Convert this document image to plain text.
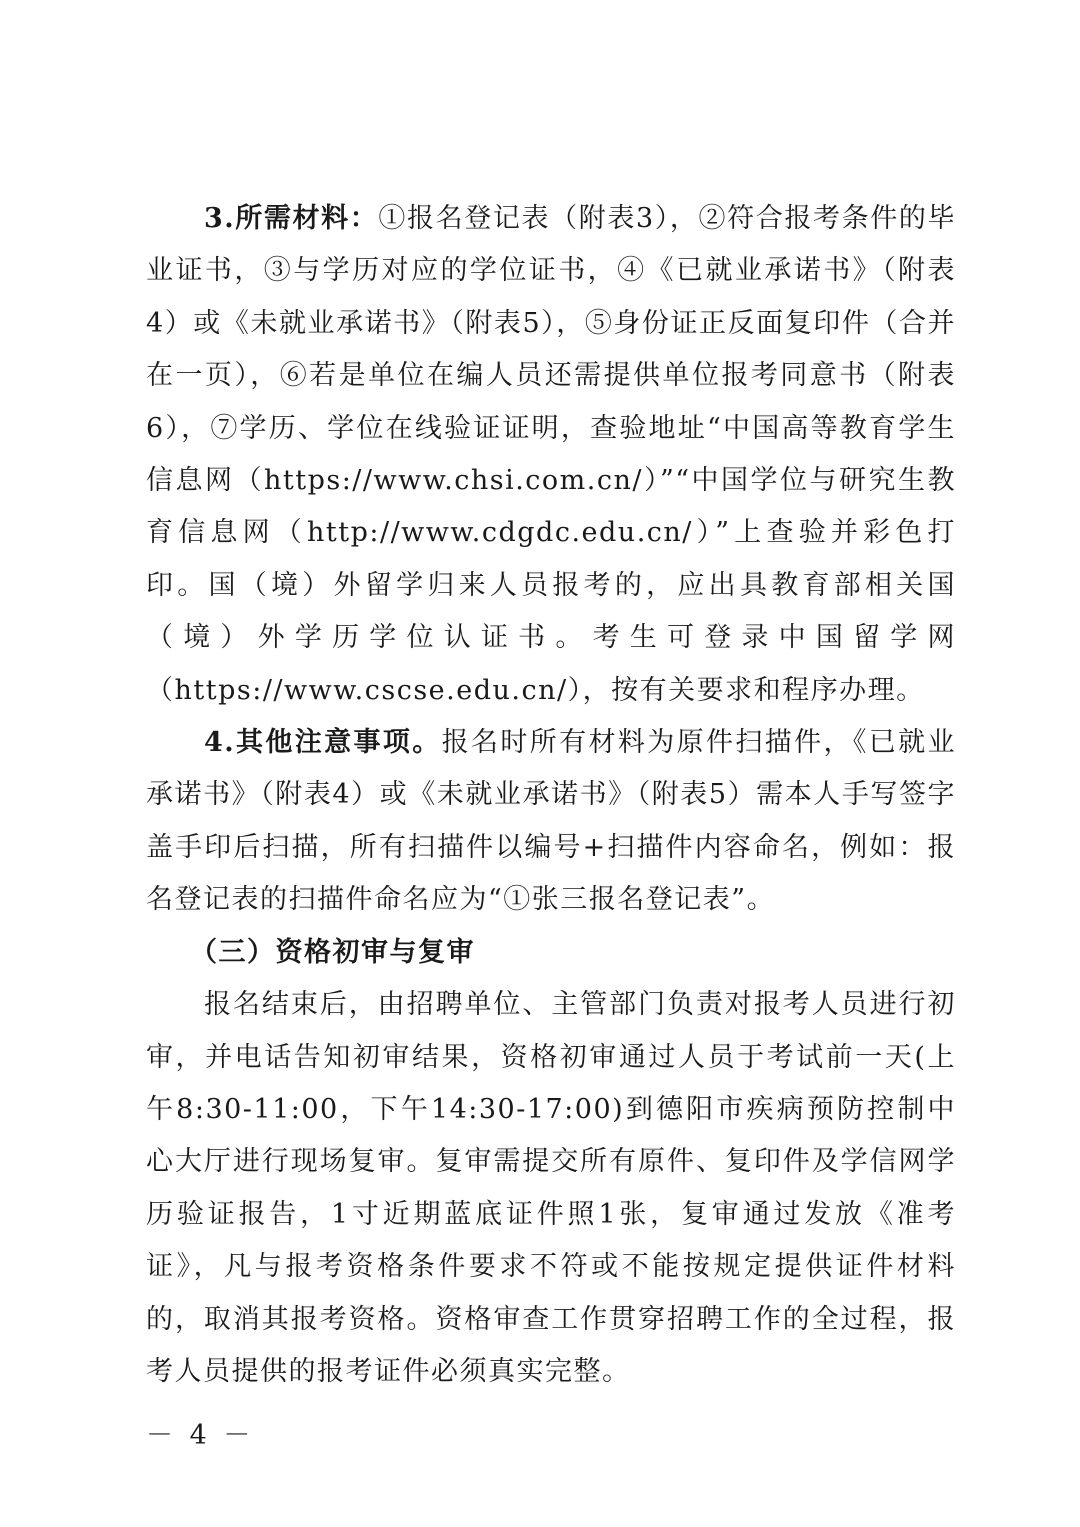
3.所需材料：①报名登记表（附表3），②符合报考条件的毕业证书，③与学历对应的学位证书，④《已就业承诺书》（附表4）或《未就业承诺书》（附表5），⑤身份证正反面复印件（合并在一页），⑥若是单位在编人员还需提供单位报考同意书（附表6），⑦学历、学位在线验证证明，查验地址“中国高等教育学生信息网（https://www.chsi.com.cn/）”“中国学位与研究生教育信息网（http://www.cdgdc.edu.cn/）”上查验并彩色打印。国（境）外留学归来人员报考的，应出具教育部相关国（境）外学历学位认证书。考生可登录中国留学网（https://www.cscse.edu.cn/），按有关要求和程序办理。

4.其他注意事项。报名时所有材料为原件扫描件，《已就业承诺书》（附表4）或《未就业承诺书》（附表5）需本人手写签字盖手印后扫描，所有扫描件以编号+扫描件内容命名，例如：报名登记表的扫描件命名应为“①张三报名登记表”。

（三）资格初审与复审

报名结束后，由招聘单位、主管部门负责对报考人员进行初审，并电话告知初审结果，资格初审通过人员于考试前一天(上午8:30-11:00，下午14:30-17:00)到德阳市疾病预防控制中心大厅进行现场复审。复审需提交所有原件、复印件及学信网学历验证报告，1寸近期蓝底证件照1张，复审通过发放《准考证》，凡与报考资格条件要求不符或不能按规定提供证件材料的，取消其报考资格。资格审查工作贯穿招聘工作的全过程，报考人员提供的报考证件必须真实完整。

－ 4 －
